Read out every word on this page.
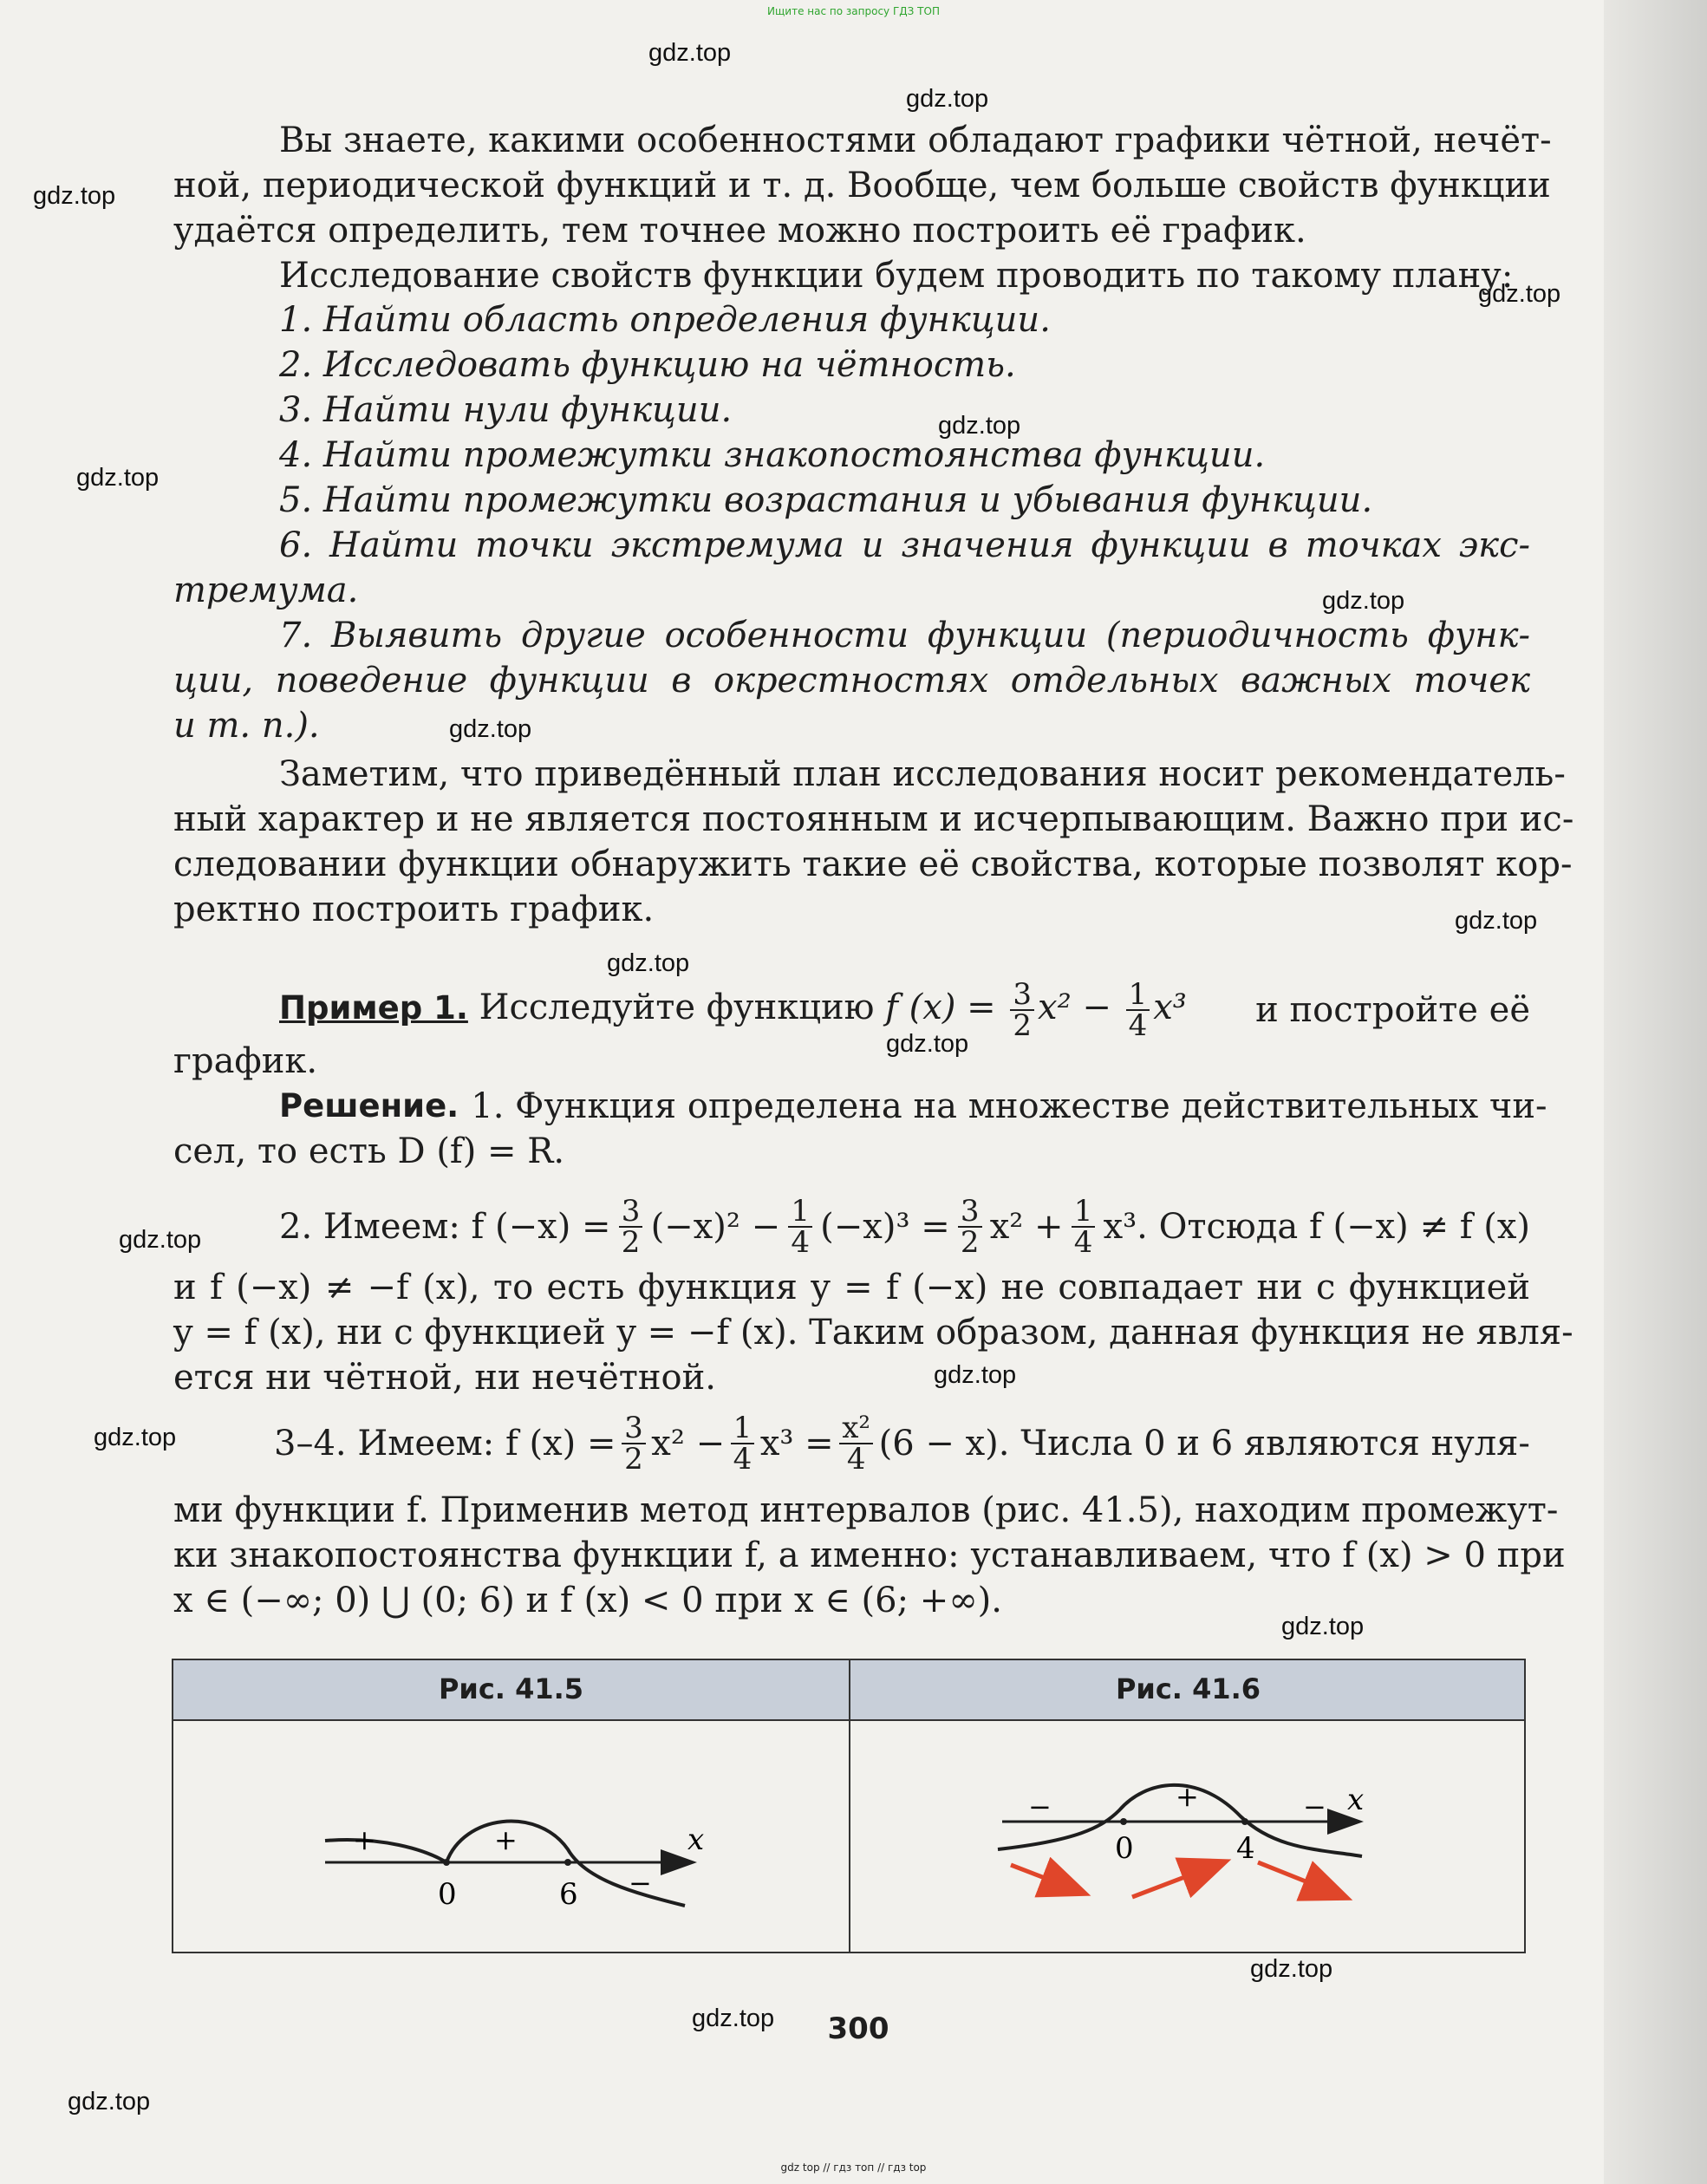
Ищите нас по запросу ГДЗ ТОП
gdz.top
gdz.top
gdz.top
gdz.top
gdz.top
gdz.top
gdz.top
gdz.top
gdz.top
gdz.top
gdz.top
gdz.top
gdz.top
gdz.top
gdz.top
gdz.top
gdz.top
gdz.top
Вы знаете, какими особенностями обладают графики чётной, нечёт-
ной, периодической функций и т. д. Вообще, чем больше свойств функции
удаётся определить, тем точнее можно построить её график.
Исследование свойств функции будем проводить по такому плану:
1. Найти область определения функции.
2. Исследовать функцию на чётность.
3. Найти нули функции.
4. Найти промежутки знакопостоянства функции.
5. Найти промежутки возрастания и убывания функции.
6. Найти точки экстремума и значения функции в точках экс-
тремума.
7. Выявить другие особенности функции (периодичность функ-
ции, поведение функции в окрестностях отдельных важных точек
и т. п.).
Заметим, что приведённый план исследования носит рекомендатель-
ный характер и не является постоянным и исчерпывающим. Важно при ис-
следовании функции обнаружить такие её свойства, которые позволят кор-
ректно построить график.
Пример 1. Исследуйте функцию f $(x) = \frac{3}{2} x^2 - \frac{1}{4} x^3$ и постройте её
график.
Решение. 1. Функция определена на множестве действительных чи-
сел, то есть D (f) = R.
2. Имеем: f $(-x) = \frac{3}{2} (-x)^2 - \frac{1}{4} (-x)^3 = \frac{3}{2} x^2 + \frac{1}{4} x^3$. Отсюда f (−x) ≠ f (x)
и f (−x) ≠ −f (x), то есть функция y = f (−x) не совпадает ни с функцией
y = f (x), ни с функцией y = −f (x). Таким образом, данная функция не явля-
ется ни чётной, ни нечётной.
3–4. Имеем: f $(x) = \frac{3}{2} x^2 - \frac{1}{4} x^3 = \frac{\text{x²}}{4} (6 - x)$. Числа 0 и 6 являются нуля-
ми функции f. Применив метод интервалов (рис. 41.5), находим промежут-
ки знакопостоянства функции f, а именно: устанавливаем, что f (x) > 0 при
x ∈ (−∞; 0) ⋃ (0; 6) и f (x) < 0 при x ∈ (6; +∞).
Рис. 41.5	Рис. 41.6
x
0	6
+	+
−
x
0	4
−	+	−
300
gdz top // гдз топ // гдз top
